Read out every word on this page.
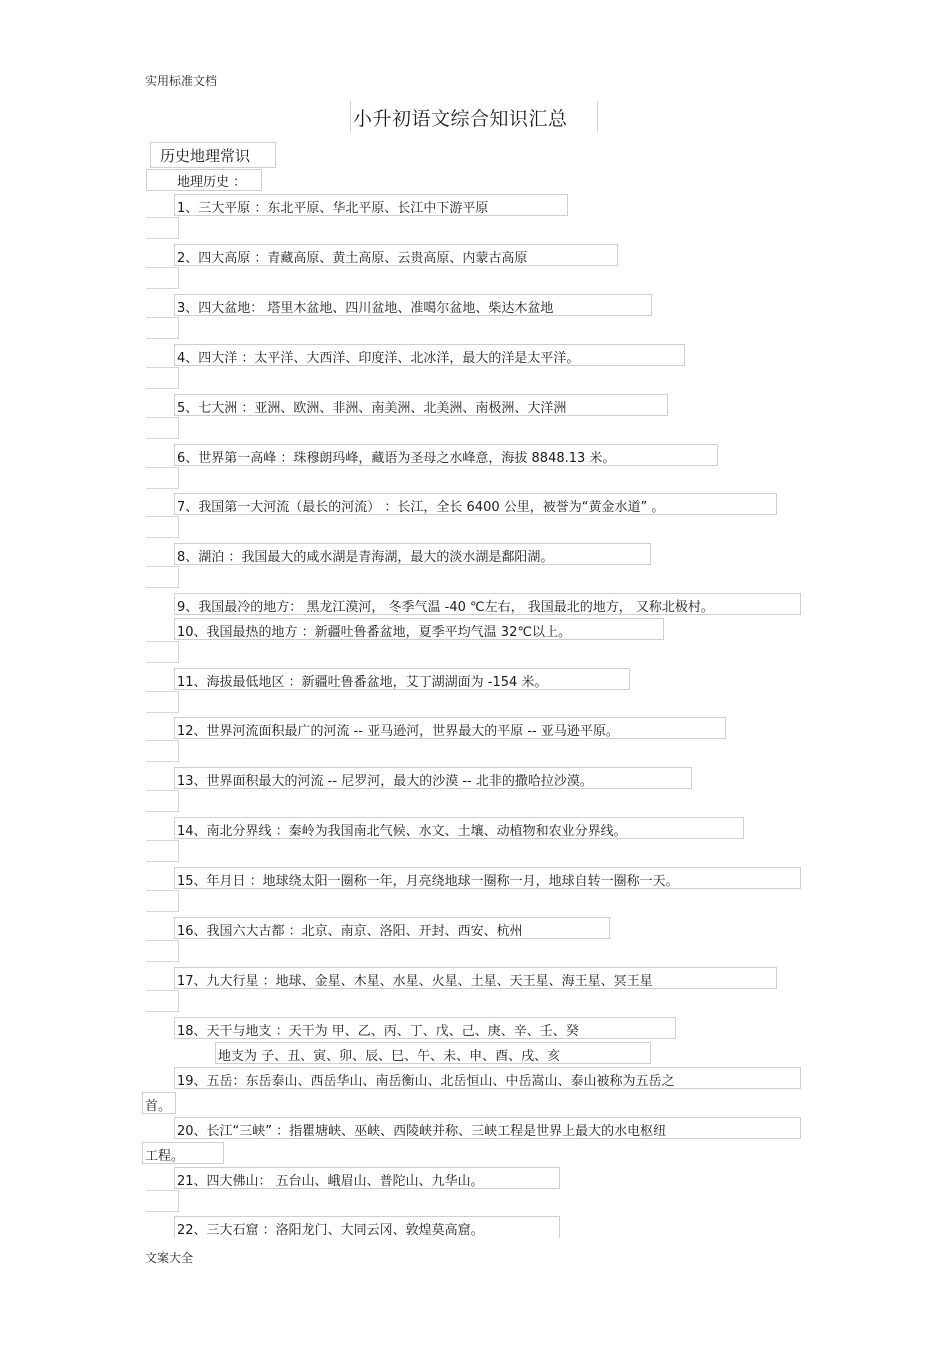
实用标准文档
小升初语文综合知识汇总
历史地理常识
地理历史 ：
1、三大平原 ：东北平原、华北平原、长江中下游平原
2、四大高原 ：青藏高原、黄土高原、云贵高原、内蒙古高原
3、四大盆地： 塔里木盆地、四川盆地、准噶尔盆地、柴达木盆地
4、四大洋 ：太平洋、大西洋、印度洋、北冰洋，最大的洋是太平洋。
5、七大洲 ：亚洲、欧洲、非洲、南美洲、北美洲、南极洲、大洋洲
6、世界第一高峰 ：珠穆朗玛峰，藏语为圣母之水峰意，海拔 8848.13 米。
7、我国第一大河流（最长的河流） ：长江，全长 6400 公里，被誉为“黄金水道” 。
8、湖泊 ：我国最大的咸水湖是青海湖，最大的淡水湖是鄱阳湖。
9、我国最冷的地方： 黑龙江漠河， 冬季气温 -40 ℃左右， 我国最北的地方， 又称北极村。
10、我国最热的地方 ：新疆吐鲁番盆地，夏季平均气温 32℃以上。
11、海拔最低地区 ：新疆吐鲁番盆地，艾丁湖湖面为 -154 米。
12、世界河流面积最广的河流 -- 亚马逊河，世界最大的平原 -- 亚马逊平原。
13、世界面积最大的河流 -- 尼罗河，最大的沙漠 -- 北非的撒哈拉沙漠。
14、南北分界线 ：秦岭为我国南北气候、水文、土壤、动植物和农业分界线。
15、年月日 ：地球绕太阳一圈称一年，月亮绕地球一圈称一月，地球自转一圈称一天。
16、我国六大古都 ：北京、南京、洛阳、开封、西安、杭州
17、九大行星 ：地球、金星、木星、水星、火星、土星、天王星、海王星、冥王星
18、天干与地支 ：天干为 甲、乙、丙、丁、戊、己、庚、辛、壬、癸
地支为 子、丑、寅、卯、辰、巳、午、未、申、酉、戌、亥
19、五岳：东岳泰山、西岳华山、南岳衡山、北岳恒山、中岳嵩山、泰山被称为五岳之
首。
20、长江“三峡” ：指瞿塘峡、巫峡、西陵峡并称、三峡工程是世界上最大的水电枢纽
工程。
21、四大佛山： 五台山、峨眉山、普陀山、九华山。
22、三大石窟 ：洛阳龙门、大同云冈、敦煌莫高窟。
文案大全
